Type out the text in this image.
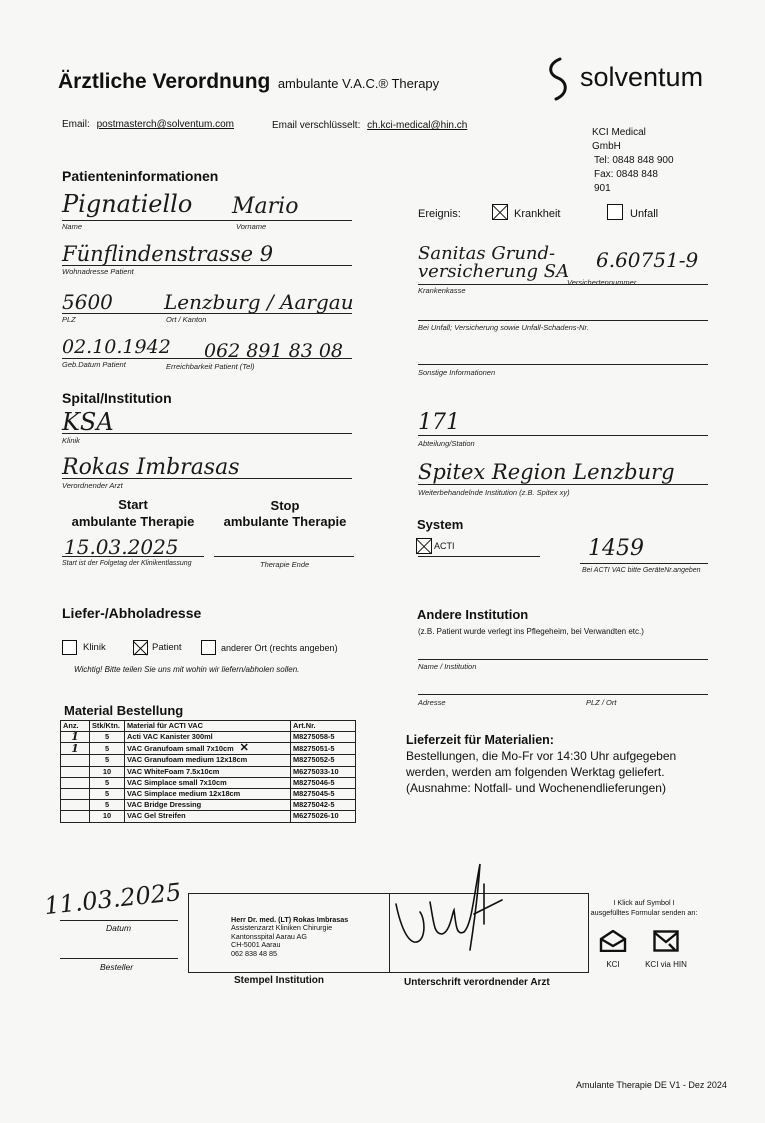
Ärztliche Verordnung ambulante V.A.C.® Therapy	solventum
Email: postmasterch@solventum.com	Email verschlüsselt: ch.kci-medical@hin.ch
KCI Medical GmbH
Tel: 0848 848 900
Fax: 0848 848 901
Patienteninformationen
Pignatiello Mario
Name	Vorname
Fünflindenstrasse 9
Wohnadresse Patient
5600	Lenzburg / Aargau
PLZ	Ort / Kanton
02.10.1942 062 891 83 08
Geb.Datum Patient	Erreichbarkeit Patient (Tel)
Ereignis:	Krankheit	Unfall
Sanitas Grund-versicherung SA	6.60751-9
Krankenkasse
Versichertennummer
Bei Unfall; Versicherung sowie Unfall-Schadens-Nr.
Sonstige Informationen
Spital/Institution
KSA
Klinik
Rokas Imbrasas
Verordnender Arzt
171
Abteilung/Station
Spitex Region Lenzburg
Weiterbehandelnde Institution (z.B. Spitex xy)
Start
ambulante Therapie
Stop
ambulante Therapie
15.03.2025
Start ist der Folgetag der Klinikentlassung	Therapie Ende
System
ACTI	1459
Bei ACTI VAC bitte GeräteNr.angeben
Liefer-/Abholadresse
Klinik	Patient	anderer Ort (rechts angeben)
Wichtig! Bitte teilen Sie uns mit wohin wir liefern/abholen sollen.
Andere Institution
(z.B. Patient wurde verlegt ins Pflegeheim, bei Verwandten etc.)
Name / Institution
Adresse	PLZ / Ort
Material Bestellung
Anz.	Stk/Ktn.	Material für ACTI VAC	Art.Nr.
1	5	Acti VAC Kanister 300ml	M8275058-5
1	5	VAC Granufoam small 7x10cm ✕	M8275051-5
	5	VAC Granufoam medium 12x18cm	M8275052-5
	10	VAC WhiteFoam 7.5x10cm	M6275033-10
	5	VAC Simplace small 7x10cm	M8275046-5
	5	VAC Simplace medium 12x18cm	M8275045-5
	5	VAC Bridge Dressing	M8275042-5
	10	VAC Gel Streifen	M6275026-10
Lieferzeit für Materialien:
Bestellungen, die Mo-Fr vor 14:30 Uhr aufgegeben
werden, werden am folgenden Werktag geliefert.
(Ausnahme: Notfall- und Wochenendlieferungen)
11.03.2025
Datum
Besteller
Herr Dr. med. (LT) Rokas Imbrasas
Assistenzarzt Kliniken Chirurgie
Kantonsspital Aarau AG
CH-5001 Aarau
062 838 48 85
Stempel Institution	Unterschrift verordnender Arzt
I Klick auf Symbol I
ausgefülltes Formular senden an:
KCI	KCI via HIN
Amulante Therapie DE V1 - Dez 2024
